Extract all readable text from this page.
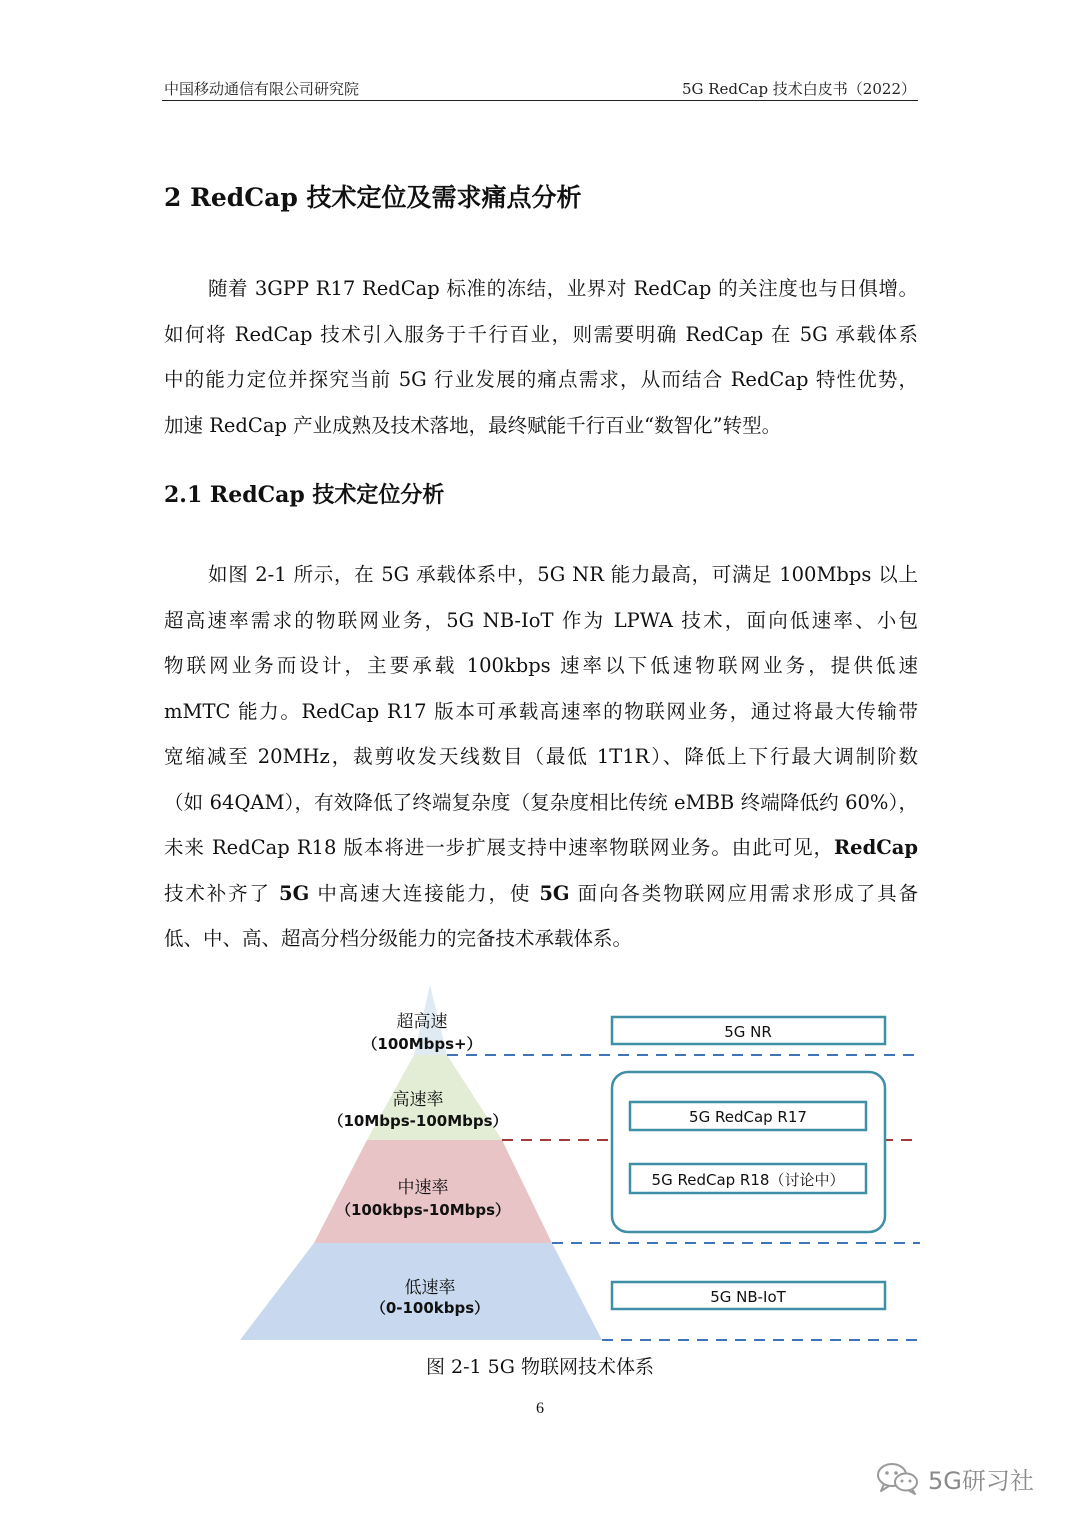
中国移动通信有限公司研究院	5G RedCap 技术白皮书（2022）
2 RedCap 技术定位及需求痛点分析
随着 3GPP R17 RedCap 标准的冻结，业界对 RedCap 的关注度也与日俱增。
如何将 RedCap 技术引入服务于千行百业，则需要明确 RedCap 在 5G 承载体系
中的能力定位并探究当前 5G 行业发展的痛点需求，从而结合 RedCap 特性优势，
加速 RedCap 产业成熟及技术落地，最终赋能千行百业“数智化”转型。
2.1 RedCap 技术定位分析
如图 2-1 所示，在 5G 承载体系中，5G NR 能力最高，可满足 100Mbps 以上
超高速率需求的物联网业务，5G NB-IoT 作为 LPWA 技术，面向低速率、小包
物联网业务而设计，主要承载 100kbps 速率以下低速物联网业务，提供低速
mMTC 能力。RedCap R17 版本可承载高速率的物联网业务，通过将最大传输带
宽缩减至 20MHz，裁剪收发天线数目（最低 1T1R）、降低上下行最大调制阶数
（如 64QAM），有效降低了终端复杂度（复杂度相比传统 eMBB 终端降低约 60%），
未来 RedCap R18 版本将进一步扩展支持中速率物联网业务。由此可见，RedCap
技术补齐了 5G 中高速大连接能力，使 5G 面向各类物联网应用需求形成了具备
低、中、高、超高分档分级能力的完备技术承载体系。
超高速
（100Mbps+）
高速率
（10Mbps-100Mbps）
中速率
（100kbps-10Mbps）
低速率
（0-100kbps）
5G NR
5G RedCap R17
5G RedCap R18（讨论中）
5G NB-IoT
图 2-1 5G 物联网技术体系
6
5G研习社
